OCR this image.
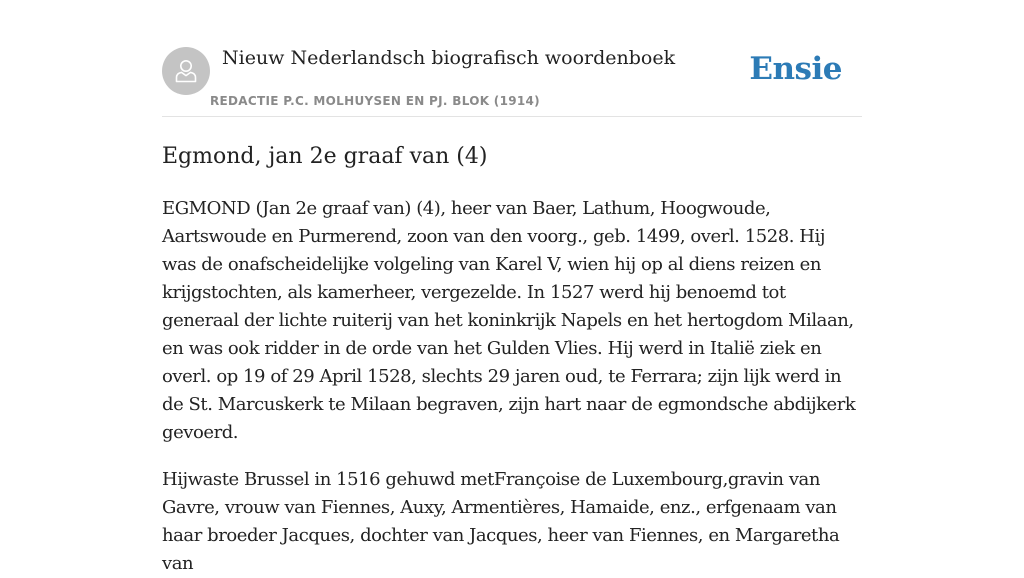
Nieuw Nederlandsch biografisch woordenboek
REDACTIE P.C. MOLHUYSEN EN PJ. BLOK (1914)
Ensie
Egmond, jan 2e graaf van (4)

EGMOND (Jan 2e graaf van) (4), heer van Baer, Lathum, Hoogwoude, Aartswoude en Purmerend, zoon van den voorg., geb. 1499, overl. 1528. Hij was de onafscheidelijke volgeling van Karel V, wien hij op al diens reizen en krijgstochten, als kamerheer, vergezelde. In 1527 werd hij benoemd tot generaal der lichte ruiterij van het koninkrijk Napels en het hertogdom Milaan, en was ook ridder in de orde van het Gulden Vlies. Hij werd in Italië ziek en overl. op 19 of 29 April 1528, slechts 29 jaren oud, te Ferrara; zijn lijk werd in de St. Marcuskerk te Milaan begraven, zijn hart naar de egmondsche abdijkerk gevoerd.

Hijwaste Brussel in 1516 gehuwd metFrançoise de Luxembourg,gravin van Gavre, vrouw van Fiennes, Auxy, Armentières, Hamaide, enz., erfgenaam van haar broeder Jacques, dochter van Jacques, heer van Fiennes, en Margaretha van
